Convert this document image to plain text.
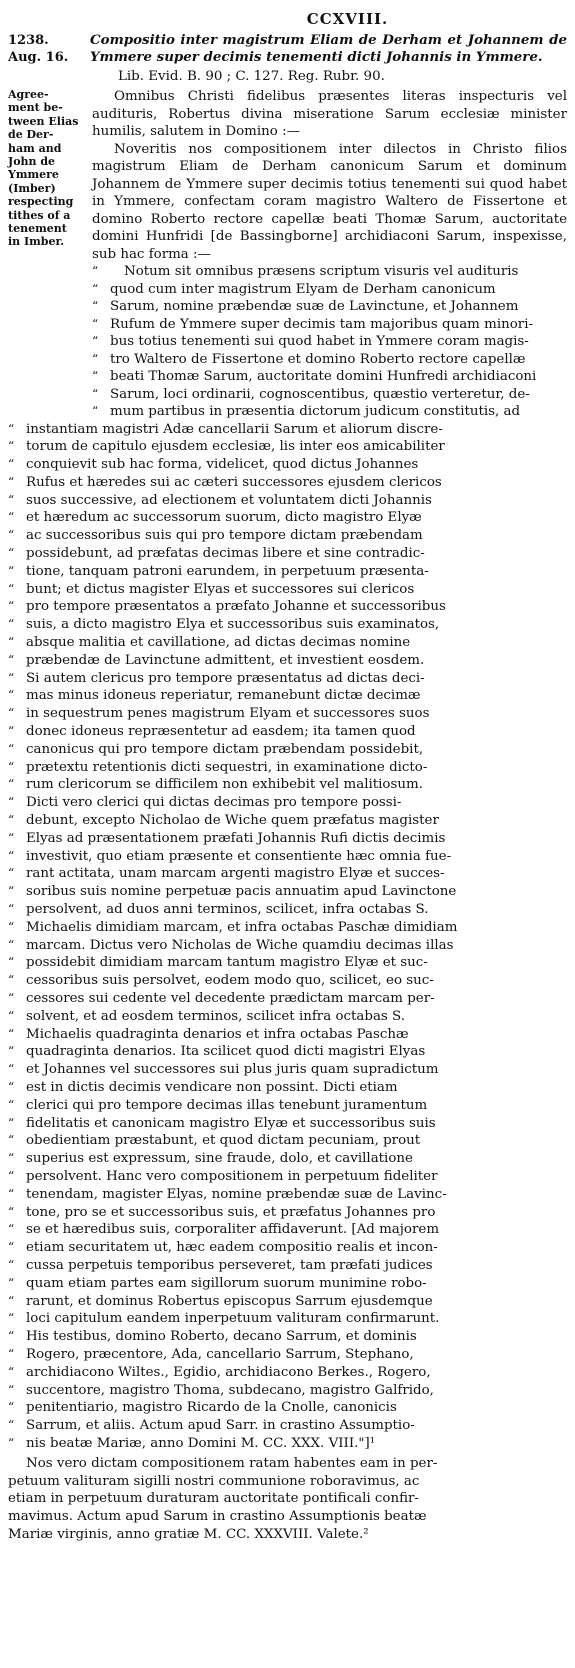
CCXVIII.
1238.
Aug. 16.
Compositio inter magistrum Eliam de Derham et Johannem de Ymmere super decimis tenementi dicti Johannis in Ymmere.
Lib. Evid. B. 90 ; C. 127. Reg. Rubr. 90.
Agree-
ment be-
tween Elias
de Der-
ham and
John de
Ymmere
(Imber)
respecting
tithes of a
tenement
in Imber.

Omnibus Christi fidelibus præsentes literas inspecturis vel audituris, Robertus divina miseratione Sarum ecclesiæ minister humilis, salutem in Domino :—

Noveritis nos compositionem inter dilectos in Christo filios magistrum Eliam de Derham canonicum Sarum et dominum Johannem de Ymmere super decimis totius tenementi sui quod habet in Ymmere, confectam coram magistro Waltero de Fissertone et domino Roberto rectore capellæ beati Thomæ Sarum, auctoritate domini Hunfridi [de Bassingborne] archidiaconi Sarum, inspexisse, sub hac forma :—

“	Notum sit omnibus præsens scriptum visuris vel audituris
“ quod cum inter magistrum Elyam de Derham canonicum
“ Sarum, nomine præbendæ suæ de Lavinctune, et Johannem
“ Rufum de Ymmere super decimis tam majoribus quam minori-
“ bus totius tenementi sui quod habet in Ymmere coram magis-
“ tro Waltero de Fissertone et domino Roberto rectore capellæ
“ beati Thomæ Sarum, auctoritate domini Hunfredi archidiaconi
“ Sarum, loci ordinarii, cognoscentibus, quæstio verteretur, de-
“ mum partibus in præsentia dictorum judicum constitutis, ad
“ instantiam magistri Adæ cancellarii Sarum et aliorum discre-
“ torum de capitulo ejusdem ecclesiæ, lis inter eos amicabiliter
“ conquievit sub hac forma, videlicet, quod dictus Johannes
“ Rufus et hæredes sui ac cæteri successores ejusdem clericos
“ suos successive, ad electionem et voluntatem dicti Johannis
“ et hæredum ac successorum suorum, dicto magistro Elyæ
“ ac successoribus suis qui pro tempore dictam præbendam
“ possidebunt, ad præfatas decimas libere et sine contradic-
“ tione, tanquam patroni earundem, in perpetuum præsenta-
“ bunt; et dictus magister Elyas et successores sui clericos
“ pro tempore præsentatos a præfato Johanne et successoribus
“ suis, a dicto magistro Elya et successoribus suis examinatos,
“ absque malitia et cavillatione, ad dictas decimas nomine
“ præbendæ de Lavinctune admittent, et investient eosdem.
“ Si autem clericus pro tempore præsentatus ad dictas deci-
“ mas minus idoneus reperiatur, remanebunt dictæ decimæ
“ in sequestrum penes magistrum Elyam et successores suos
“ donec idoneus repræsentetur ad easdem; ita tamen quod
“ canonicus qui pro tempore dictam præbendam possidebit,
“ prætextu retentionis dicti sequestri, in examinatione dicto-
“ rum clericorum se difficilem non exhibebit vel malitiosum.
“ Dicti vero clerici qui dictas decimas pro tempore possi-
“ debunt, excepto Nicholao de Wiche quem præfatus magister
“ Elyas ad præsentationem præfati Johannis Rufi dictis decimis
“ investivit, quo etiam præsente et consentiente hæc omnia fue-
“ rant actitata, unam marcam argenti magistro Elyæ et succes-
“ soribus suis nomine perpetuæ pacis annuatim apud Lavinctone
“ persolvent, ad duos anni terminos, scilicet, infra octabas S.
“ Michaelis dimidiam marcam, et infra octabas Paschæ dimidiam
“ marcam. Dictus vero Nicholas de Wiche quamdiu decimas illas
“ possidebit dimidiam marcam tantum magistro Elyæ et suc-
“ cessoribus suis persolvet, eodem modo quo, scilicet, eo suc-
“ cessores sui cedente vel decedente prædictam marcam per-
“ solvent, et ad eosdem terminos, scilicet infra octabas S.
“ Michaelis quadraginta denarios et infra octabas Paschæ
“ quadraginta denarios. Ita scilicet quod dicti magistri Elyas
“ et Johannes vel successores sui plus juris quam supradictum
“ est in dictis decimis vendicare non possint. Dicti etiam
“ clerici qui pro tempore decimas illas tenebunt juramentum
“ fidelitatis et canonicam magistro Elyæ et successoribus suis
“ obedientiam præstabunt, et quod dictam pecuniam, prout
“ superius est expressum, sine fraude, dolo, et cavillatione
“ persolvent. Hanc vero compositionem in perpetuum fideliter
“ tenendam, magister Elyas, nomine præbendæ suæ de Lavinc-
“ tone, pro se et successoribus suis, et præfatus Johannes pro
“ se et hæredibus suis, corporaliter affidaverunt. [Ad majorem
“ etiam securitatem ut, hæc eadem compositio realis et incon-
“ cussa perpetuis temporibus perseveret, tam præfati judices
“ quam etiam partes eam sigillorum suorum munimine robo-
“ rarunt, et dominus Robertus episcopus Sarrum ejusdemque
“ loci capitulum eandem inperpetuum valituram confirmarunt.
“ His testibus, domino Roberto, decano Sarrum, et dominis
“ Rogero, præcentore, Ada, cancellario Sarrum, Stephano,
“ archidiacono Wiltes., Egidio, archidiacono Berkes., Rogero,
“ succentore, magistro Thoma, subdecano, magistro Galfrido,
“ penitentiario, magistro Ricardo de la Cnolle, canonicis
“ Sarrum, et aliis. Actum apud Sarr. in crastino Assumptio-
“ nis beatæ Mariæ, anno Domini M. CC. XXX. VIII."]¹

Nos vero dictam compositionem ratam habentes eam in per-

petuum valituram sigilli nostri communione roboravimus, ac

etiam in perpetuum duraturam auctoritate pontificali confir-

mavimus. Actum apud Sarum in crastino Assumptionis beatæ

Mariæ virginis, anno gratiæ M. CC. XXXVIII. Valete.²
